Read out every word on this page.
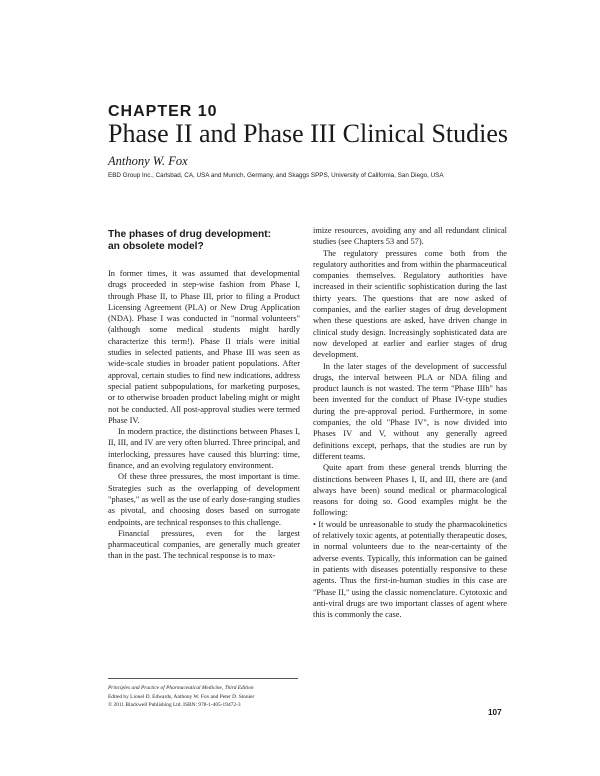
CHAPTER 10
Phase II and Phase III Clinical Studies
Anthony W. Fox
EBD Group Inc., Carlsbad, CA, USA and Munich, Germany, and Skaggs SPPS, University of California, San Diego, USA
The phases of drug development:
an obsolete model?

In former times, it was assumed that developmental drugs proceeded in step-wise fashion from Phase I, through Phase II, to Phase III, prior to filing a Product Licensing Agreement (PLA) or New Drug Application (NDA). Phase I was conducted in "normal volunteers" (although some medical students might hardly characterize this term!). Phase II trials were initial studies in selected patients, and Phase III was seen as wide-scale studies in broader patient populations. After approval, certain studies to find new indications, address special patient subpopulations, for marketing purposes, or to otherwise broaden product labeling might or might not be conducted. All post-approval studies were termed Phase IV.

In modern practice, the distinctions between Phases I, II, III, and IV are very often blurred. Three principal, and interlocking, pressures have caused this blurring: time, finance, and an evolving regulatory environment.

Of these three pressures, the most important is time. Strategies such as the overlapping of development "phases," as well as the use of early dose-ranging studies as pivotal, and choosing doses based on surrogate endpoints, are technical responses to this challenge.

Financial pressures, even for the largest pharmaceutical companies, are generally much greater than in the past. The technical response is to max-

imize resources, avoiding any and all redundant clinical studies (see Chapters 53 and 57).

The regulatory pressures come both from the regulatory authorities and from within the pharmaceutical companies themselves. Regulatory authorities have increased in their scientific sophistication during the last thirty years. The questions that are now asked of companies, and the earlier stages of drug development when these questions are asked, have driven change in clinical study design. Increasingly sophisticated data are now developed at earlier and earlier stages of drug development.

In the later stages of the development of successful drugs, the interval between PLA or NDA filing and product launch is not wasted. The term "Phase IIIb" has been invented for the conduct of Phase IV-type studies during the pre-approval period. Furthermore, in some companies, the old "Phase IV", is now divided into Phases IV and V, without any generally agreed definitions except, perhaps, that the studies are run by different teams.

Quite apart from these general trends blurring the distinctions between Phases I, II, and III, there are (and always have been) sound medical or pharmacological reasons for doing so. Good examples might be the following:

• It would be unreasonable to study the pharmacokinetics of relatively toxic agents, at potentially therapeutic doses, in normal volunteers due to the near-certainty of the adverse events. Typically, this information can be gained in patients with diseases potentially responsive to these agents. Thus the first-in-human studies in this case are "Phase II," using the classic nomenclature. Cytotoxic and anti-viral drugs are two important classes of agent where this is commonly the case.

Principles and Practice of Pharmaceutical Medicine, Third Edition
Edited by Lionel D. Edwards, Anthony W. Fox and Peter D. Stonier
© 2011 Blackwell Publishing Ltd. ISBN: 978-1-405-19472-3
107
